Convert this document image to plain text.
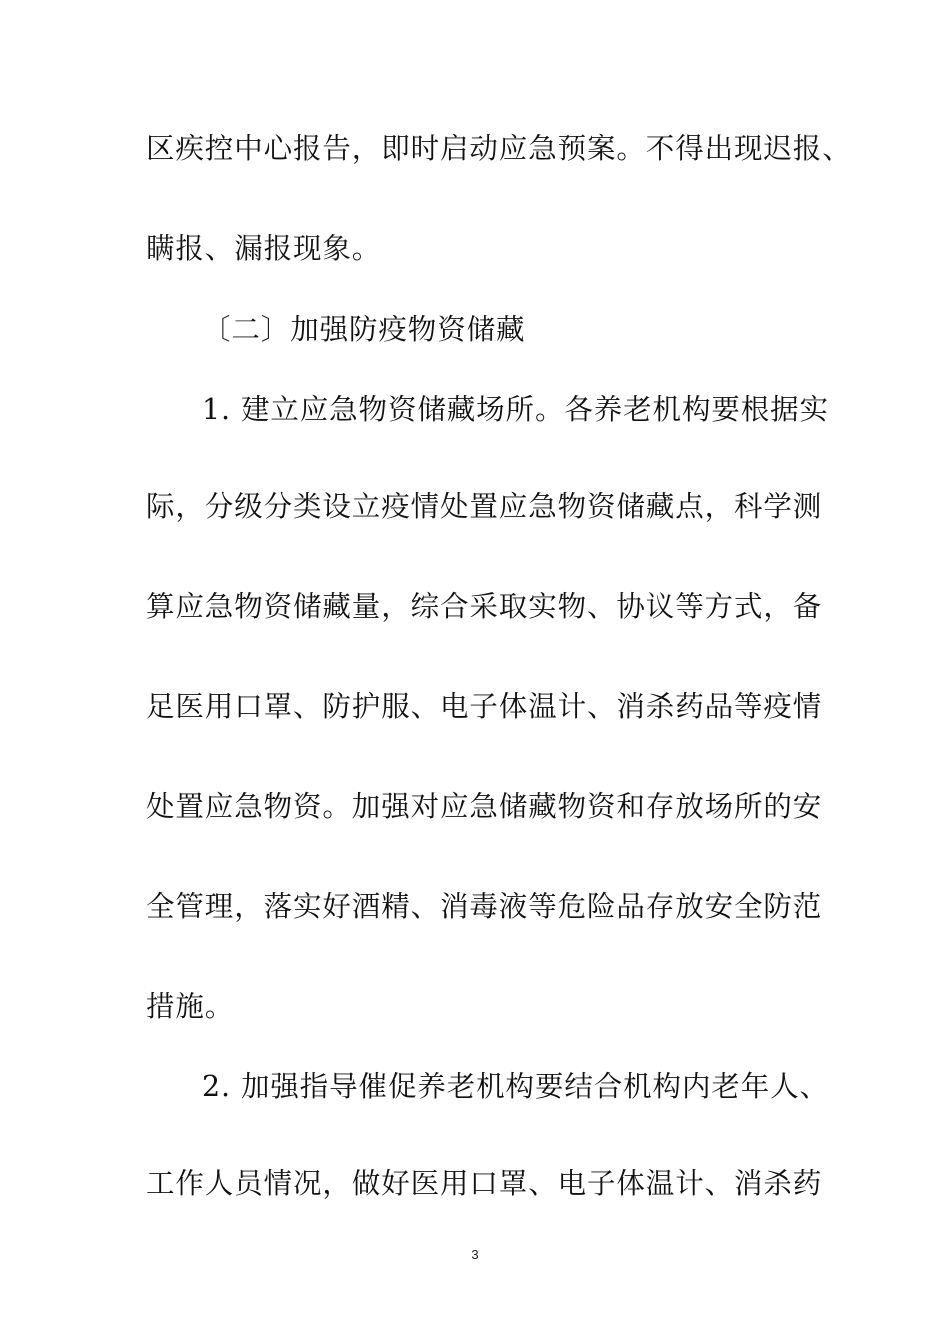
区疾控中心报告，即时启动应急预案。不得出现迟报、
瞒报、漏报现象。
〔二〕加强防疫物资储藏
1. 建立应急物资储藏场所。各养老机构要根据实
际，分级分类设立疫情处置应急物资储藏点，科学测
算应急物资储藏量，综合采取实物、协议等方式，备
足医用口罩、防护服、电子体温计、消杀药品等疫情
处置应急物资。加强对应急储藏物资和存放场所的安
全管理，落实好酒精、消毒液等危险品存放安全防范
措施。
2. 加强指导催促养老机构要结合机构内老年人、
工作人员情况，做好医用口罩、电子体温计、消杀药
3
